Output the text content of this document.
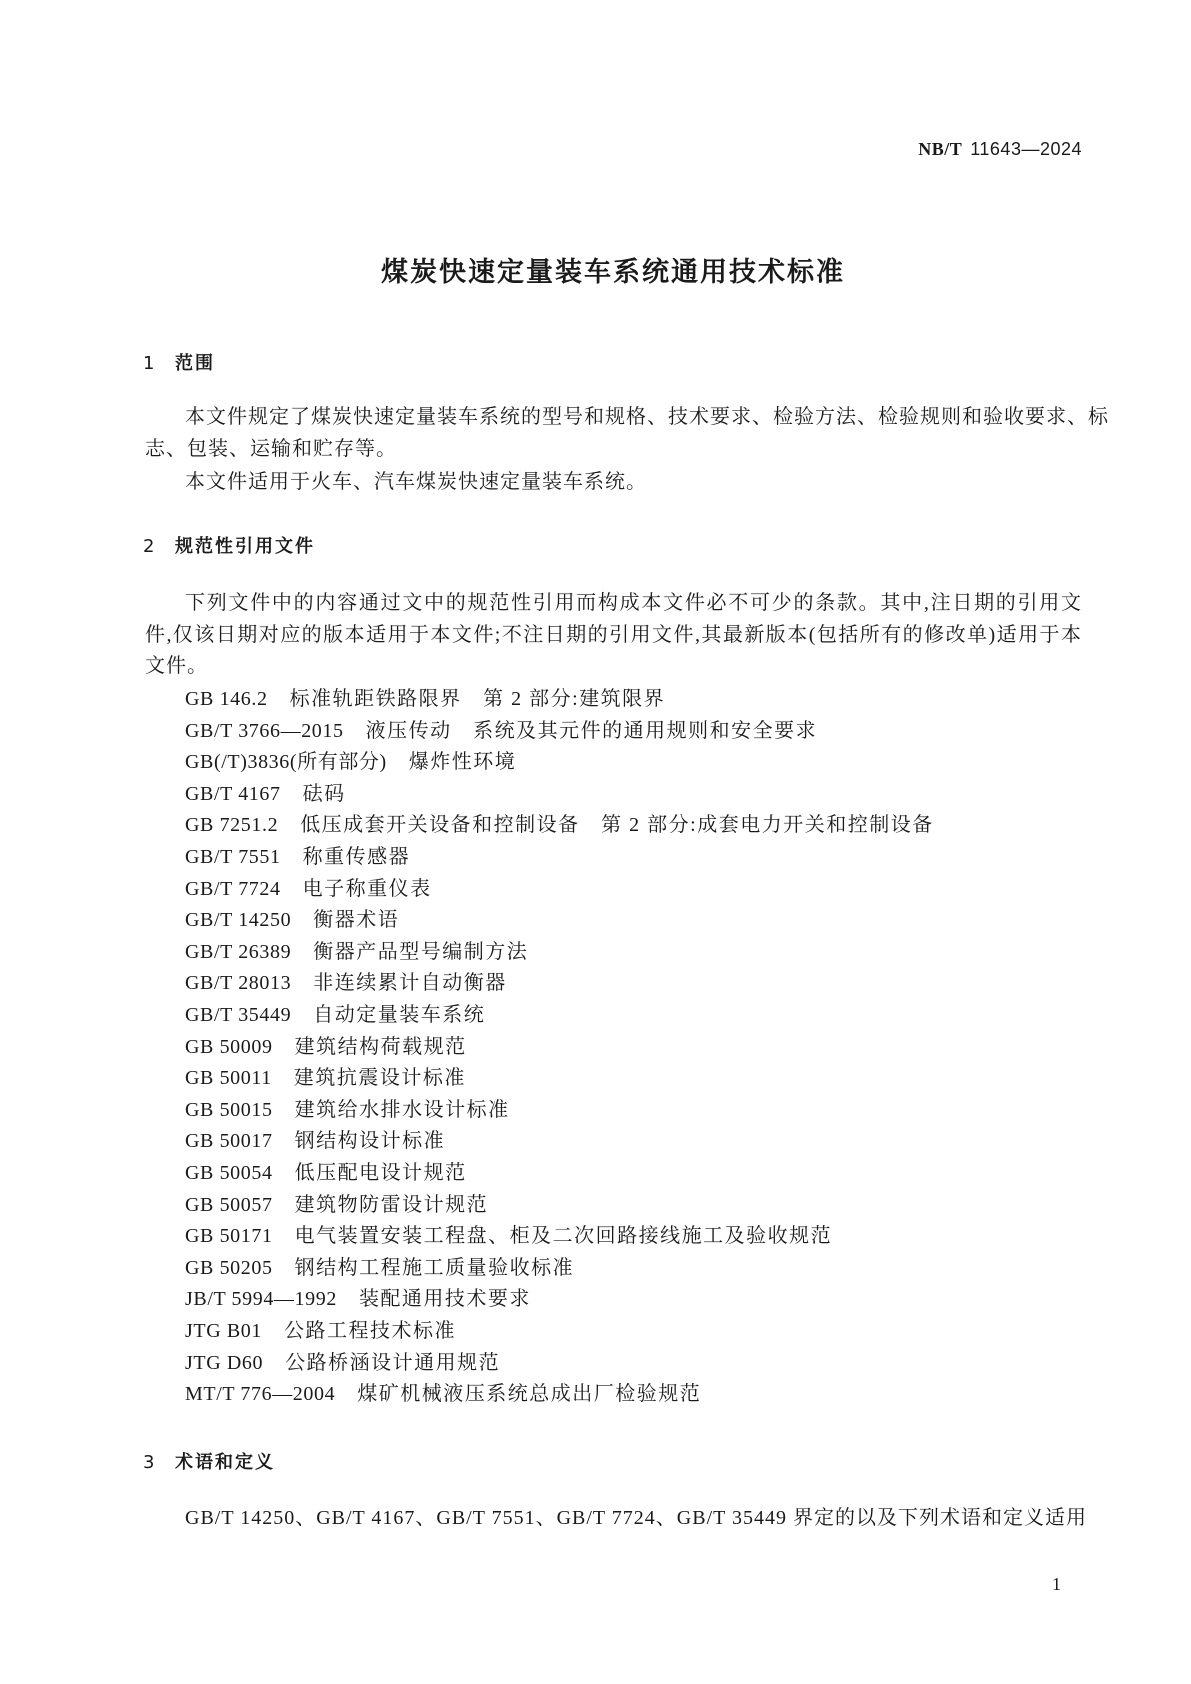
NB/T 11643—2024
煤炭快速定量装车系统通用技术标准
1 范围
本文件规定了煤炭快速定量装车系统的型号和规格、技术要求、检验方法、检验规则和验收要求、标
志、包装、运输和贮存等。
本文件适用于火车、汽车煤炭快速定量装车系统。
2 规范性引用文件
下列文件中的内容通过文中的规范性引用而构成本文件必不可少的条款。其中,注日期的引用文
件,仅该日期对应的版本适用于本文件;不注日期的引用文件,其最新版本(包括所有的修改单)适用于本
文件。
GB 146.2 标准轨距铁路限界　第 2 部分:建筑限界
GB/T 3766—2015 液压传动　系统及其元件的通用规则和安全要求
GB(/T)3836(所有部分) 爆炸性环境
GB/T 4167 砝码
GB 7251.2 低压成套开关设备和控制设备　第 2 部分:成套电力开关和控制设备
GB/T 7551 称重传感器
GB/T 7724 电子称重仪表
GB/T 14250 衡器术语
GB/T 26389 衡器产品型号编制方法
GB/T 28013 非连续累计自动衡器
GB/T 35449 自动定量装车系统
GB 50009 建筑结构荷载规范
GB 50011 建筑抗震设计标准
GB 50015 建筑给水排水设计标准
GB 50017 钢结构设计标准
GB 50054 低压配电设计规范
GB 50057 建筑物防雷设计规范
GB 50171 电气装置安装工程盘、柜及二次回路接线施工及验收规范
GB 50205 钢结构工程施工质量验收标准
JB/T 5994—1992 装配通用技术要求
JTG B01 公路工程技术标准
JTG D60 公路桥涵设计通用规范
MT/T 776—2004 煤矿机械液压系统总成出厂检验规范
3 术语和定义
GB/T 14250、GB/T 4167、GB/T 7551、GB/T 7724、GB/T 35449 界定的以及下列术语和定义适用
1
